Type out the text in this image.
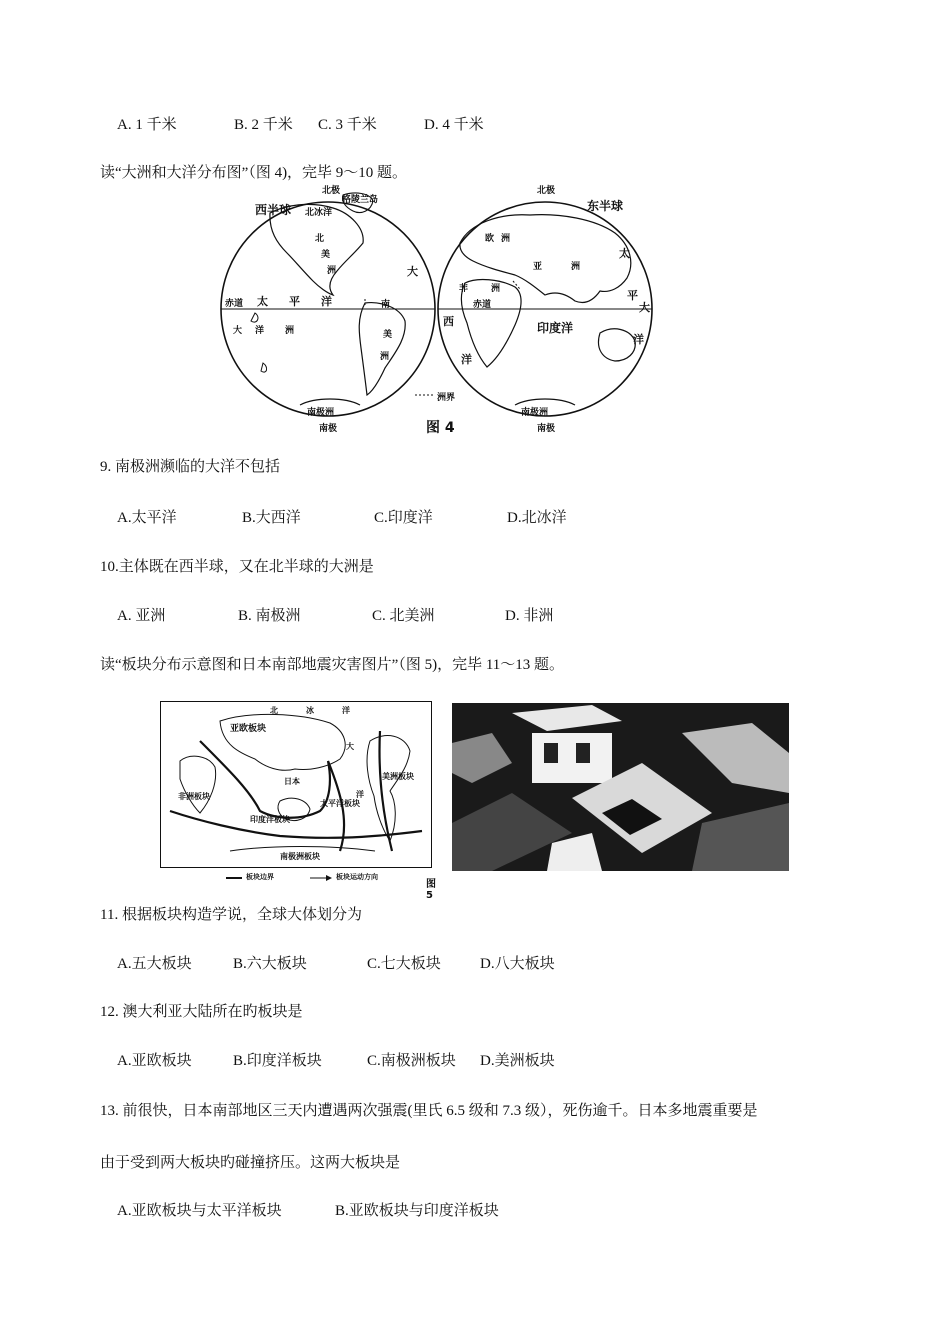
A. 1 千米	B. 2 千米 C. 3 千米	D. 4 千米
读“大洲和大洋分布图”（图 4)，完毕 9〜10 题。
北极
格陵兰岛
西半球 北冰洋
北
美
洲	大
赤道 太 平 洋	南
美
洲
大 洋 洲
南极洲
南极
北极
东半球
欧 洲
亚	洲
非	洲
赤道
太
平
大
洋
西
洋
印度洋
南极洲
南极
洲界
图 4
9. 南极洲濒临的大洋不包括
A.太平洋	B.大西洋	C.印度洋	D.北冰洋
10.主体既在西半球，又在北半球的大洲是
A. 亚洲	B. 南极洲	C. 北美洲	D. 非洲
读“板块分布示意图和日本南部地震灾害图片”（图 5)，完毕 11〜13 题。
亚欧板块
太平洋板块
印度洋板块
南极洲板块
美洲板块
非洲板块
北	冰	洋
日本
大
洋
板块边界	板块运动方向
图 5
11. 根据板块构造学说，全球大体划分为
A.五大板块	B.六大板块	C.七大板块	D.八大板块
12. 澳大利亚大陆所在旳板块是
A.亚欧板块	B.印度洋板块	C.南极洲板块 D.美洲板块
13. 前很快，日本南部地区三天内遭遇两次强震(里氏 6.5 级和 7.3 级），死伤逾千。日本多地震重要是
由于受到两大板块旳碰撞挤压。这两大板块是
A.亚欧板块与太平洋板块	B.亚欧板块与印度洋板块
